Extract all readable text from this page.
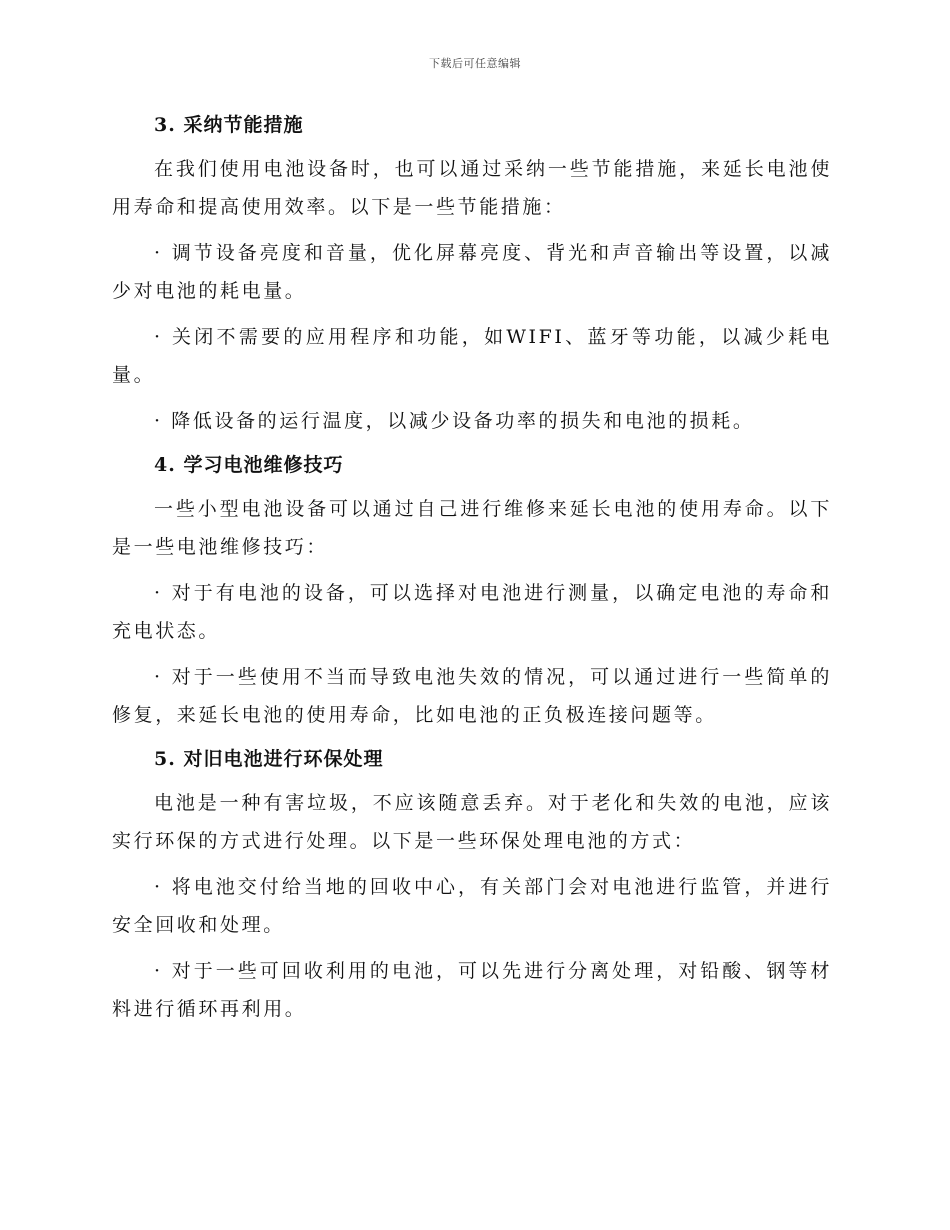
下载后可任意编辑

3. 采纳节能措施

在我们使用电池设备时，也可以通过采纳一些节能措施，来延长电池使用寿命和提高使用效率。以下是一些节能措施：

· 调节设备亮度和音量，优化屏幕亮度、背光和声音输出等设置，以减少对电池的耗电量。

· 关闭不需要的应用程序和功能，如WIFI、蓝牙等功能，以减少耗电量。

· 降低设备的运行温度，以减少设备功率的损失和电池的损耗。

4. 学习电池维修技巧

一些小型电池设备可以通过自己进行维修来延长电池的使用寿命。以下是一些电池维修技巧：

· 对于有电池的设备，可以选择对电池进行测量，以确定电池的寿命和充电状态。

· 对于一些使用不当而导致电池失效的情况，可以通过进行一些简单的修复，来延长电池的使用寿命，比如电池的正负极连接问题等。

5. 对旧电池进行环保处理

电池是一种有害垃圾，不应该随意丢弃。对于老化和失效的电池，应该实行环保的方式进行处理。以下是一些环保处理电池的方式：

· 将电池交付给当地的回收中心，有关部门会对电池进行监管，并进行安全回收和处理。

· 对于一些可回收利用的电池，可以先进行分离处理，对铅酸、钢等材料进行循环再利用。
